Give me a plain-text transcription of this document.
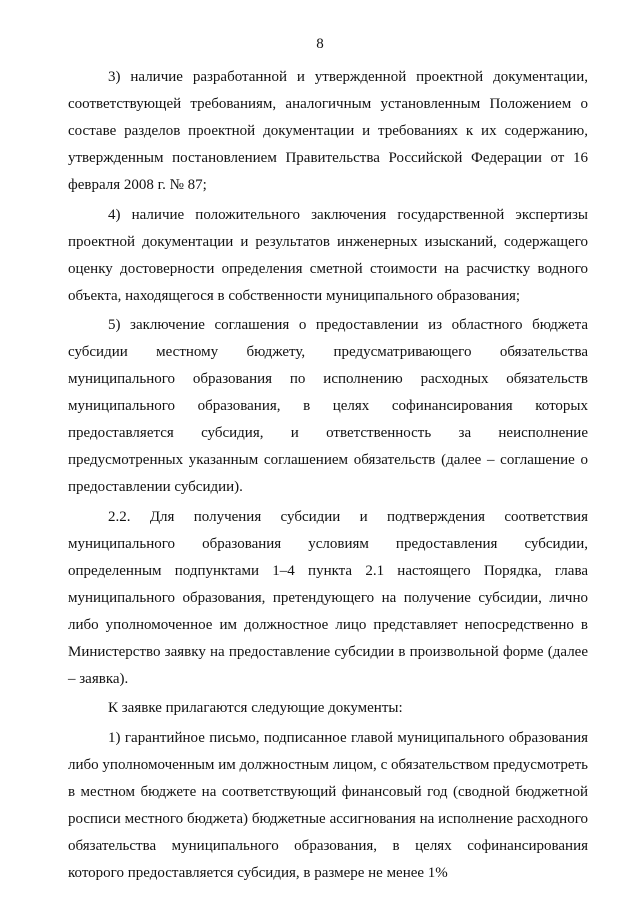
8

3) наличие разработанной и утвержденной проектной документации, соответствующей требованиям, аналогичным установленным Положением о составе разделов проектной документации и требованиях к их содержанию, утвержденным постановлением Правительства Российской Федерации от 16 февраля 2008 г. № 87;

4) наличие положительного заключения государственной экспертизы проектной документации и результатов инженерных изысканий, содержащего оценку достоверности определения сметной стоимости на расчистку водного объекта, находящегося в собственности муниципального образования;

5) заключение соглашения о предоставлении из областного бюджета субсидии местному бюджету, предусматривающего обязательства муниципального образования по исполнению расходных обязательств муниципального образования, в целях софинансирования которых предоставляется субсидия, и ответственность за неисполнение предусмотренных указанным соглашением обязательств (далее – соглашение о предоставлении субсидии).

2.2. Для получения субсидии и подтверждения соответствия муниципального образования условиям предоставления субсидии, определенным подпунктами 1–4 пункта 2.1 настоящего Порядка, глава муниципального образования, претендующего на получение субсидии, лично либо уполномоченное им должностное лицо представляет непосредственно в Министерство заявку на предоставление субсидии в произвольной форме (далее – заявка).

К заявке прилагаются следующие документы:

1) гарантийное письмо, подписанное главой муниципального образования либо уполномоченным им должностным лицом, с обязательством предусмотреть в местном бюджете на соответствующий финансовый год (сводной бюджетной росписи местного бюджета) бюджетные ассигнования на исполнение расходного обязательства муниципального образования, в целях софинансирования которого предоставляется субсидия, в размере не менее 1%
